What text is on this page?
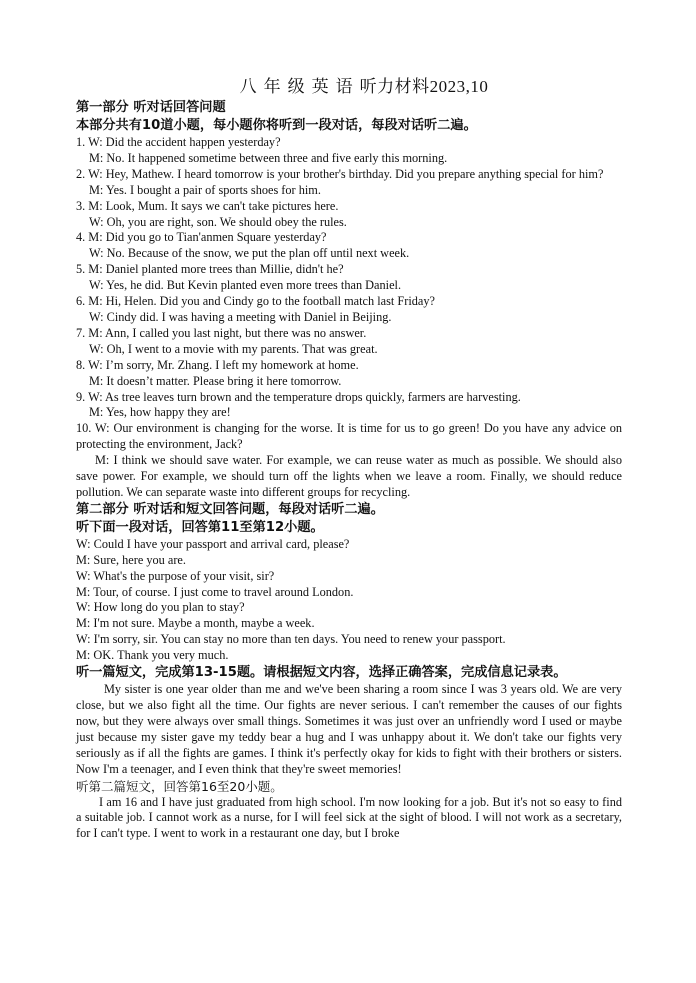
八年级英语听力材料2023,10
第一部分 听对话回答问题
本部分共有10道小题，每小题你将听到一段对话，每段对话听二遍。
1. W: Did the accident happen yesterday?
M: No. It happened sometime between three and five early this morning.
2. W: Hey, Mathew. I heard tomorrow is your brother's birthday. Did you prepare anything special for him?
M: Yes. I bought a pair of sports shoes for him.
3. M: Look, Mum. It says we can't take pictures here.
W: Oh, you are right, son. We should obey the rules.
4. M: Did you go to Tian'anmen Square yesterday?
W: No. Because of the snow, we put the plan off until next week.
5. M: Daniel planted more trees than Millie, didn't he?
W: Yes, he did. But Kevin planted even more trees than Daniel.
6. M: Hi, Helen. Did you and Cindy go to the football match last Friday?
W: Cindy did. I was having a meeting with Daniel in Beijing.
7. M: Ann, I called you last night, but there was no answer.
W: Oh, I went to a movie with my parents. That was great.
8. W: I’m sorry, Mr. Zhang. I left my homework at home.
M: It doesn’t matter. Please bring it here tomorrow.
9. W: As tree leaves turn brown and the temperature drops quickly, farmers are harvesting.
M: Yes, how happy they are!
10. W: Our environment is changing for the worse. It is time for us to go green! Do you have any advice on protecting the environment, Jack?
M: I think we should save water. For example, we can reuse water as much as possible. We should also save power. For example, we should turn off the lights when we leave a room. Finally, we should reduce pollution. We can separate waste into different groups for recycling.
第二部分 听对话和短文回答问题，每段对话听二遍。
听下面一段对话，回答第11至第12小题。
W: Could I have your passport and arrival card, please?
M: Sure, here you are.
W: What's the purpose of your visit, sir?
M: Tour, of course. I just come to travel around London.
W: How long do you plan to stay?
M: I'm not sure. Maybe a month, maybe a week.
W: I'm sorry, sir. You can stay no more than ten days. You need to renew your passport.
M: OK. Thank you very much.
听一篇短文，完成第13-15题。请根据短文内容，选择正确答案，完成信息记录表。
My sister is one year older than me and we've been sharing a room since I was 3 years old. We are very close, but we also fight all the time. Our fights are never serious. I can't remember the causes of our fights now, but they were always over small things. Sometimes it was just over an unfriendly word I used or maybe just because my sister gave my teddy bear a hug and I was unhappy about it. We don't take our fights very seriously as if all the fights are games. I think it's perfectly okay for kids to fight with their brothers or sisters. Now I'm a teenager, and I even think that they're sweet memories!
听第二篇短文，回答第16至20小题。
I am 16 and I have just graduated from high school. I'm now looking for a job. But it's not so easy to find a suitable job. I cannot work as a nurse, for I will feel sick at the sight of blood. I will not work as a secretary, for I can't type. I went to work in a restaurant one day, but I broke
